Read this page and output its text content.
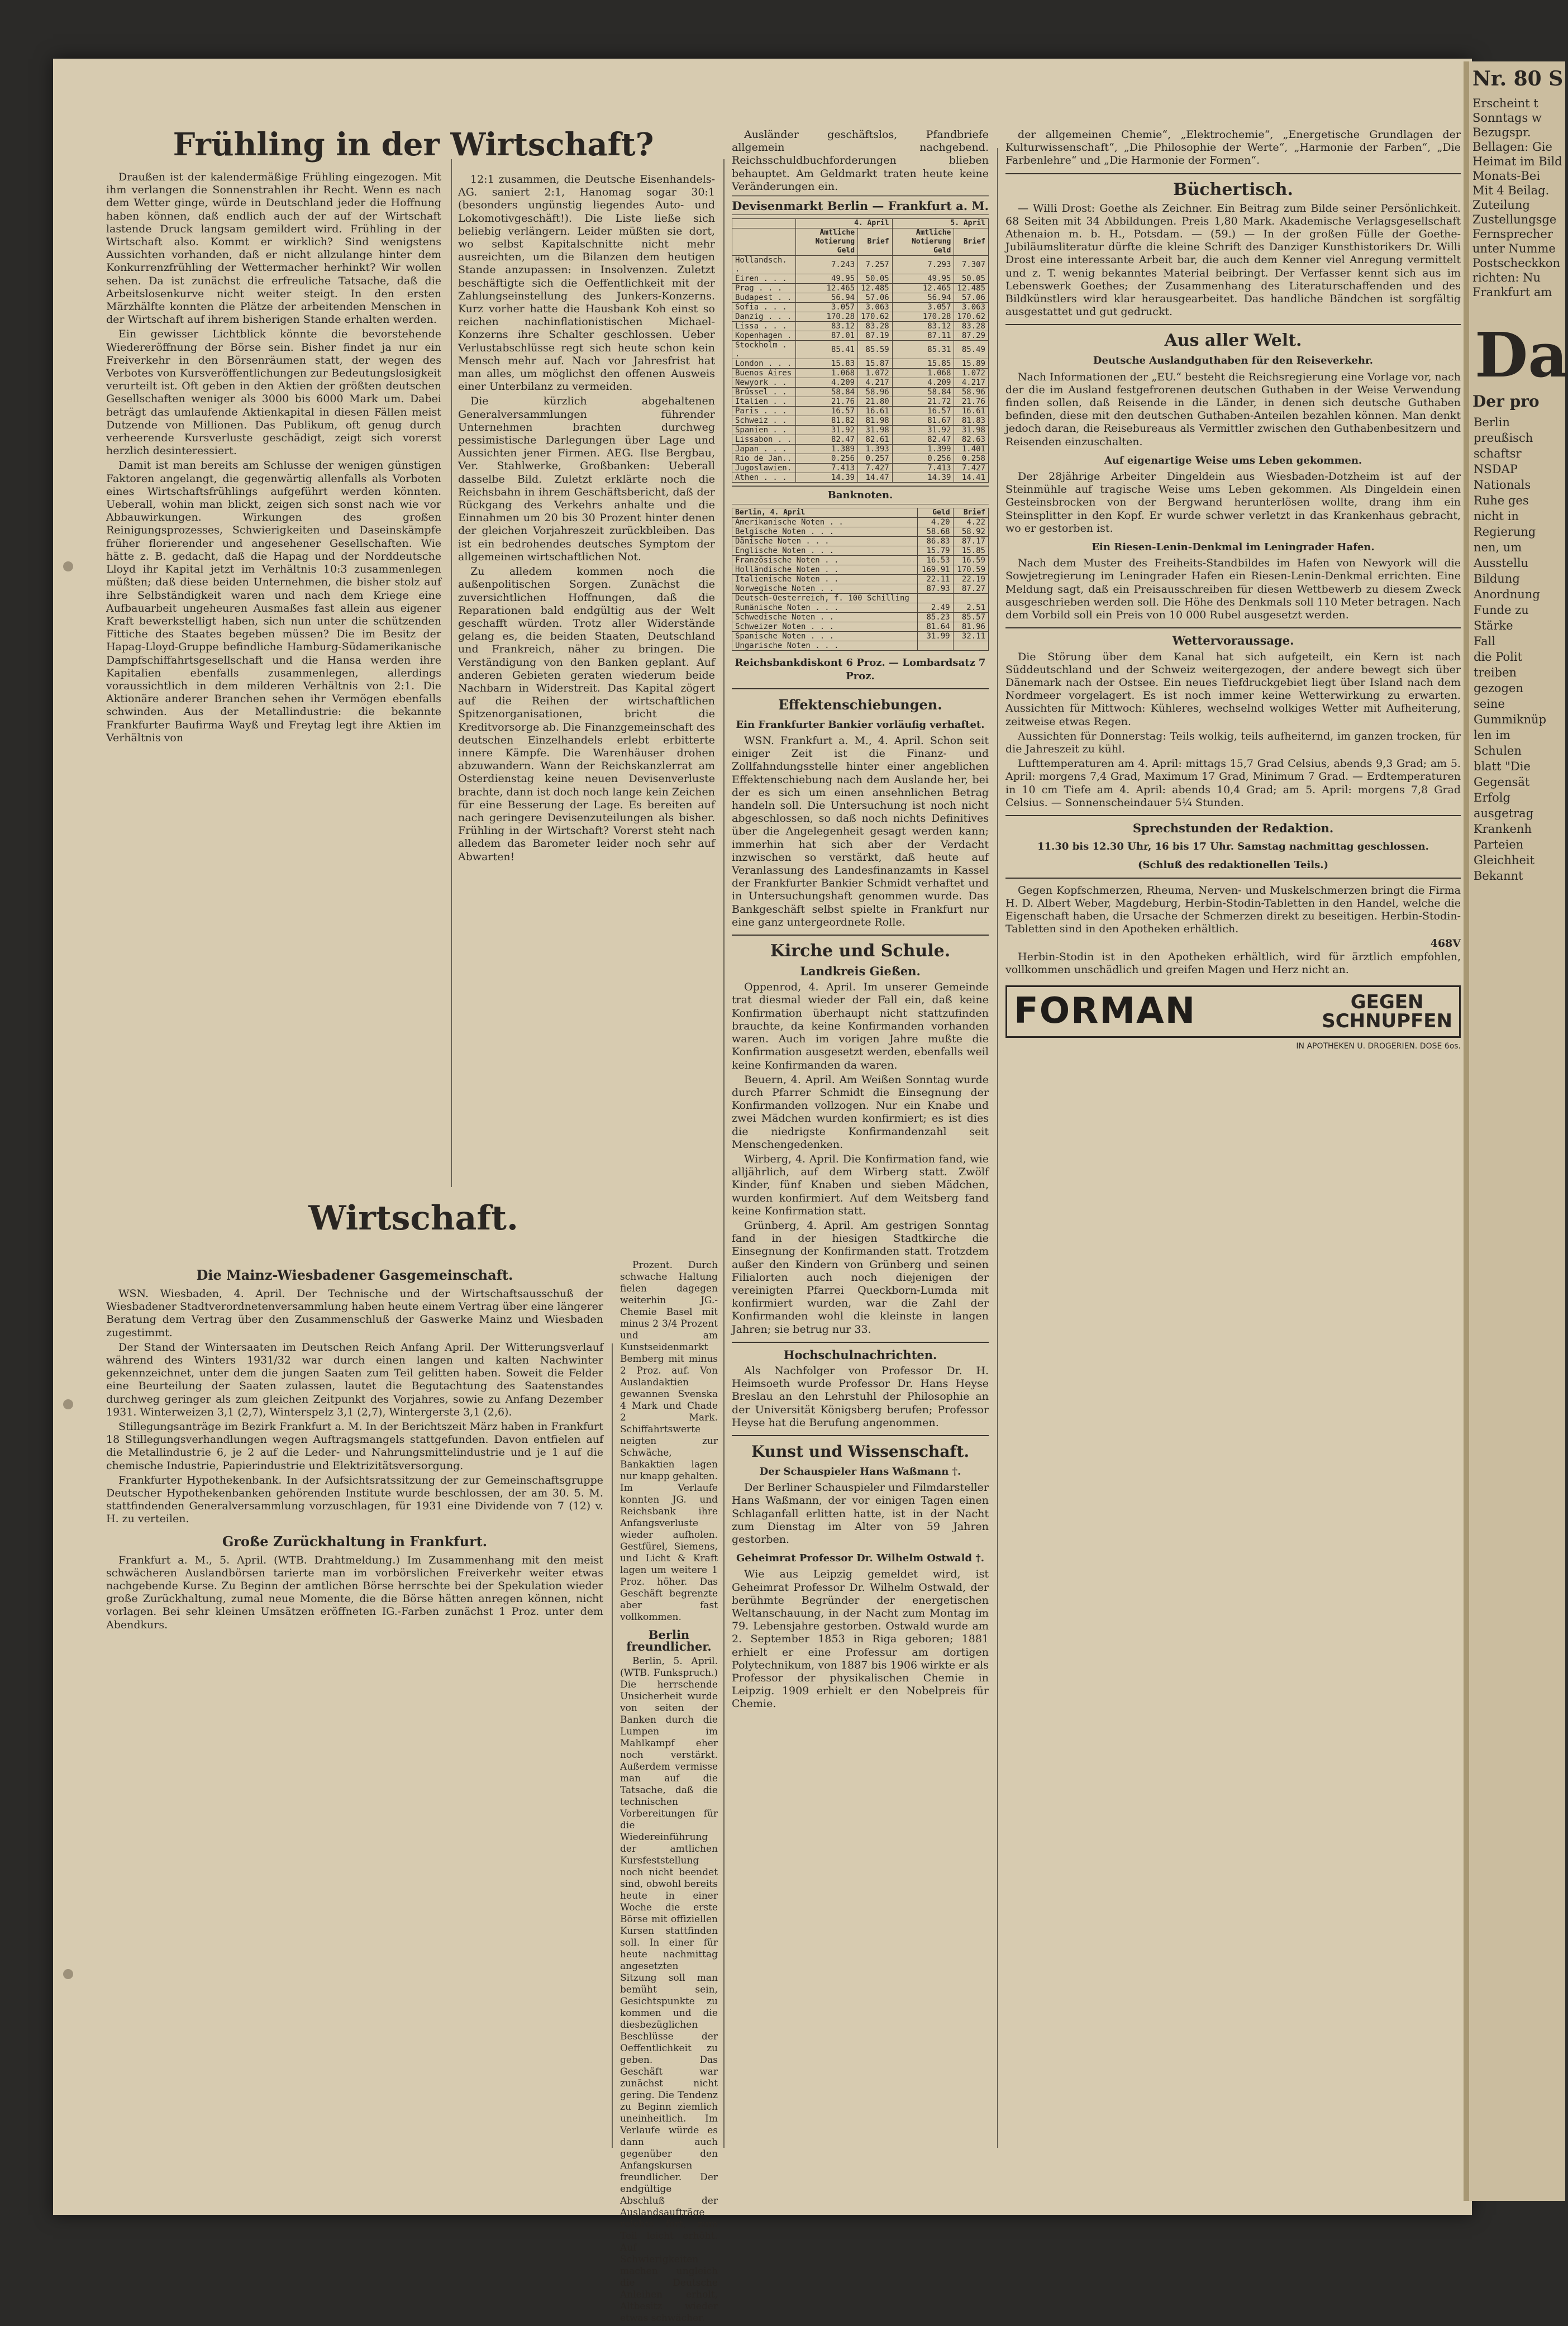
Frühling in der Wirtschaft?

Draußen ist der kalendermäßige Frühling eingezogen. Mit ihm verlangen die Sonnenstrahlen ihr Recht. Wenn es nach dem Wetter ginge, würde in Deutschland jeder die Hoffnung haben können, daß endlich auch der auf der Wirtschaft lastende Druck langsam gemildert wird. Frühling in der Wirtschaft also. Kommt er wirklich? Sind wenigstens Aussichten vorhanden, daß er nicht allzulange hinter dem Konkurrenzfrühling der Wettermacher herhinkt? Wir wollen sehen. Da ist zunächst die erfreuliche Tatsache, daß die Arbeitslosenkurve nicht weiter steigt. In den ersten Märzhälfte konnten die Plätze der arbeitenden Menschen in der Wirtschaft auf ihrem bisherigen Stande erhalten werden.

Ein gewisser Lichtblick könnte die bevorstehende Wiedereröffnung der Börse sein. Bisher findet ja nur ein Freiverkehr in den Börsenräumen statt, der wegen des Verbotes von Kursveröffentlichungen zur Bedeutungslosigkeit verurteilt ist. Oft geben in den Aktien der größten deutschen Gesellschaften weniger als 3000 bis 6000 Mark um. Dabei beträgt das umlaufende Aktienkapital in diesen Fällen meist Dutzende von Millionen. Das Publikum, oft genug durch verheerende Kursverluste geschädigt, zeigt sich vorerst herzlich desinteressiert.

Damit ist man bereits am Schlusse der wenigen günstigen Faktoren angelangt, die gegenwärtig allenfalls als Vorboten eines Wirtschaftsfrühlings aufgeführt werden könnten. Ueberall, wohin man blickt, zeigen sich sonst nach wie vor Abbauwirkungen. Wirkungen des großen Reinigungsprozesses, Schwierigkeiten und Daseinskämpfe früher florierender und angesehener Gesellschaften. Wie hätte z. B. gedacht, daß die Hapag und der Norddeutsche Lloyd ihr Kapital jetzt im Verhältnis 10:3 zusammenlegen müßten; daß diese beiden Unternehmen, die bisher stolz auf ihre Selbständigkeit waren und nach dem Kriege eine Aufbauarbeit ungeheuren Ausmaßes fast allein aus eigener Kraft bewerkstelligt haben, sich nun unter die schützenden Fittiche des Staates begeben müssen? Die im Besitz der Hapag-Lloyd-Gruppe befindliche Hamburg-Südamerikanische Dampfschiffahrtsgesellschaft und die Hansa werden ihre Kapitalien ebenfalls zusammenlegen, allerdings voraussichtlich in dem milderen Verhältnis von 2:1. Die Aktionäre anderer Branchen sehen ihr Vermögen ebenfalls schwinden. Aus der Metallindustrie: die bekannte Frankfurter Baufirma Wayß und Freytag legt ihre Aktien im Verhältnis von

12:1 zusammen, die Deutsche Eisenhandels-AG. saniert 2:1, Hanomag sogar 30:1 (besonders ungünstig liegendes Auto- und Lokomotivgeschäft!). Die Liste ließe sich beliebig verlängern. Leider müßten sie dort, wo selbst Kapitalschnitte nicht mehr ausreichten, um die Bilanzen dem heutigen Stande anzupassen: in Insolvenzen. Zuletzt beschäftigte sich die Oeffentlichkeit mit der Zahlungseinstellung des Junkers-Konzerns. Kurz vorher hatte die Hausbank Koh einst so reichen nachinflationistischen Michael-Konzerns ihre Schalter geschlossen. Ueber Verlustabschlüsse regt sich heute schon kein Mensch mehr auf. Nach vor Jahresfrist hat man alles, um möglichst den offenen Ausweis einer Unterbilanz zu vermeiden.

Die kürzlich abgehaltenen Generalversammlungen führender Unternehmen brachten durchweg pessimistische Darlegungen über Lage und Aussichten jener Firmen. AEG. Ilse Bergbau, Ver. Stahlwerke, Großbanken: Ueberall dasselbe Bild. Zuletzt erklärte noch die Reichsbahn in ihrem Geschäftsbericht, daß der Rückgang des Verkehrs anhalte und die Einnahmen um 20 bis 30 Prozent hinter denen der gleichen Vorjahreszeit zurückbleiben. Das ist ein bedrohendes deutsches Symptom der allgemeinen wirtschaftlichen Not.

Zu alledem kommen noch die außenpolitischen Sorgen. Zunächst die zuversichtlichen Hoffnungen, daß die Reparationen bald endgültig aus der Welt geschafft würden. Trotz aller Widerstände gelang es, die beiden Staaten, Deutschland und Frankreich, näher zu bringen. Die Verständigung von den Banken geplant. Auf anderen Gebieten geraten wiederum beide Nachbarn in Widerstreit. Das Kapital zögert auf die Reihen der wirtschaftlichen Spitzenorganisationen, bricht die Kreditvorsorge ab. Die Finanzgemeinschaft des deutschen Einzelhandels erlebt erbitterte innere Kämpfe. Die Warenhäuser drohen abzuwandern. Wann der Reichskanzlerrat am Osterdienstag keine neuen Devisenverluste brachte, dann ist doch noch lange kein Zeichen für eine Besserung der Lage. Es bereiten auf nach geringere Devisenzuteilungen als bisher. Frühling in der Wirtschaft? Vorerst steht nach alledem das Barometer leider noch sehr auf Abwarten!

Wirtschaft.
Die Mainz-Wiesbadener Gasgemeinschaft.

WSN. Wiesbaden, 4. April. Der Technische und der Wirtschaftsausschuß der Wiesbadener Stadtverordnetenversammlung haben heute einem Vertrag über eine längerer Beratung dem Vertrag über den Zusammenschluß der Gaswerke Mainz und Wiesbaden zugestimmt.

Der Stand der Wintersaaten im Deutschen Reich Anfang April. Der Witterungsverlauf während des Winters 1931/32 war durch einen langen und kalten Nachwinter gekennzeichnet, unter dem die jungen Saaten zum Teil gelitten haben. Soweit die Felder eine Beurteilung der Saaten zulassen, lautet die Begutachtung des Saatenstandes durchweg geringer als zum gleichen Zeitpunkt des Vorjahres, sowie zu Anfang Dezember 1931. Winterweizen 3,1 (2,7), Winterspelz 3,1 (2,7), Wintergerste 3,1 (2,6).

Stillegungsanträge im Bezirk Frankfurt a. M. In der Berichtszeit März haben in Frankfurt 18 Stillegungsverhandlungen wegen Auftragsmangels stattgefunden. Davon entfielen auf die Metallindustrie 6, je 2 auf die Leder- und Nahrungsmittelindustrie und je 1 auf die chemische Industrie, Papierindustrie und Elektrizitätsversorgung.

Frankfurter Hypothekenbank. In der Aufsichtsratssitzung der zur Gemeinschaftsgruppe Deutscher Hypothekenbanken gehörenden Institute wurde beschlossen, der am 30. 5. M. stattfindenden Generalversammlung vorzuschlagen, für 1931 eine Dividende von 7 (12) v. H. zu verteilen.

Große Zurückhaltung in Frankfurt.

Frankfurt a. M., 5. April. (WTB. Drahtmeldung.) Im Zusammenhang mit den meist schwächeren Auslandbörsen tarierte man im vorbörslichen Freiverkehr weiter etwas nachgebende Kurse. Zu Beginn der amtlichen Börse herrschte bei der Spekulation wieder große Zurückhaltung, zumal neue Momente, die die Börse hätten anregen können, nicht vorlagen. Bei sehr kleinen Umsätzen eröffneten IG.-Farben zunächst 1 Proz. unter dem Abendkurs.

Prozent. Durch schwache Haltung fielen dagegen weiterhin JG.-Chemie Basel mit minus 2 3/4 Prozent und am Kunstseidenmarkt Bemberg mit minus 2 Proz. auf. Von Auslandaktien gewannen Svenska 4 Mark und Chade 2 Mark. Schiffahrtswerte neigten zur Schwäche, Bankaktien lagen nur knapp gehalten. Im Verlaufe konnten JG. und Reichsbank ihre Anfangsverluste wieder aufholen. Gestfürel, Siemens, und Licht & Kraft lagen um weitere 1 Proz. höher. Das Geschäft begrenzte aber fast vollkommen.

Berlin freundlicher.

Berlin, 5. April. (WTB. Funkspruch.) Die herrschende Unsicherheit wurde von seiten der Banken durch die Lumpen im Mahlkampf eher noch verstärkt. Außerdem vermisse man auf die Tatsache, daß die technischen Vorbereitungen für die Wiedereinführung der amtlichen Kursfeststellung noch nicht beendet sind, obwohl bereits heute in einer Woche die erste Börse mit offiziellen Kursen stattfinden soll. In einer für heute nachmittag angesetzten Sitzung soll man bemüht sein, Gesichtspunkte zu kommen und die diesbezüglichen Beschlüsse der Oeffentlichkeit zu geben. Das Geschäft war zunächst nicht gering. Die Tendenz zu Beginn ziemlich uneinheitlich. Im Verlaufe würde es dann auch gegenüber den Anfangskursen freundlicher. Der endgültige Abschluß der Auslandsaufträge reichte fort, zum Teil leicht erhöht. Auf Schwierigkeiten machen ungleich die Deutsche Anleihen erholt, Altbesitz wieder etwas schwächer.

Ausländer geschäftslos, Pfandbriefe allgemein nachgebend. Reichsschuldbuchforderungen blieben behauptet. Am Geldmarkt traten heute keine Veränderungen ein.

Devisenmarkt Berlin — Frankfurt a. M.
	4. April		5. April	
	Amtliche Notierung Geld	Brief	Amtliche Notierung Geld	Brief
Hollandsch. .	7.243	7.257	7.293	7.307
Eiren . . .	49.95	50.05	49.95	50.05
Prag . . .	12.465	12.485	12.465	12.485
Budapest . .	56.94	57.06	56.94	57.06
Sofia . . .	3.057	3.063	3.057	3.063
Danzig . . .	170.28	170.62	170.28	170.62
Lissa . . .	83.12	83.28	83.12	83.28
Kopenhagen .	87.01	87.19	87.11	87.29
Stockholm . .	85.41	85.59	85.31	85.49
London . . .	15.83	15.87	15.85	15.89
Buenos Aires	1.068	1.072	1.068	1.072
Newyork . .	4.209	4.217	4.209	4.217
Brüssel . .	58.84	58.96	58.84	58.96
Italien . .	21.76	21.80	21.72	21.76
Paris . . .	16.57	16.61	16.57	16.61
Schweiz . .	81.82	81.98	81.67	81.83
Spanien . .	31.92	31.98	31.92	31.98
Lissabon . .	82.47	82.61	82.47	82.63
Japan . . .	1.389	1.393	1.399	1.401
Rio de Jan..	0.256	0.257	0.256	0.258
Jugoslawien.	7.413	7.427	7.413	7.427
Athen . . .	14.39	14.47	14.39	14.41
Banknoten.
Berlin, 4. April	Geld	Brief
Amerikanische Noten . .	4.20	4.22
Belgische Noten . . .	58.68	58.92
Dänische Noten . . .	86.83	87.17
Englische Noten . . .	15.79	15.85
Französische Noten . .	16.53	16.59
Holländische Noten . .	169.91	170.59
Italienische Noten . .	22.11	22.19
Norwegische Noten . .	87.93	87.27
Deutsch-Oesterreich, f. 100 Schilling		
Rumänische Noten . . .	2.49	2.51
Schwedische Noten . .	85.23	85.57
Schweizer Noten . . .	81.64	81.96
Spanische Noten . . .	31.99	32.11
Ungarische Noten . . .		
Reichsbankdiskont 6 Proz. — Lombardsatz 7 Proz.
Effektenschiebungen.
Ein Frankfurter Bankier vorläufig verhaftet.

WSN. Frankfurt a. M., 4. April. Schon seit einiger Zeit ist die Finanz- und Zollfahndungsstelle hinter einer angeblichen Effektenschiebung nach dem Auslande her, bei der es sich um einen ansehnlichen Betrag handeln soll. Die Untersuchung ist noch nicht abgeschlossen, so daß noch nichts Definitives über die Angelegenheit gesagt werden kann; immerhin hat sich aber der Verdacht inzwischen so verstärkt, daß heute auf Veranlassung des Landesfinanzamts in Kassel der Frankfurter Bankier Schmidt verhaftet und in Untersuchungshaft genommen wurde. Das Bankgeschäft selbst spielte in Frankfurt nur eine ganz untergeordnete Rolle.

Kirche und Schule.
Landkreis Gießen.

Oppenrod, 4. April. Im unserer Gemeinde trat diesmal wieder der Fall ein, daß keine Konfirmation überhaupt nicht stattzufinden brauchte, da keine Konfirmanden vorhanden waren. Auch im vorigen Jahre mußte die Konfirmation ausgesetzt werden, ebenfalls weil keine Konfirmanden da waren.

Beuern, 4. April. Am Weißen Sonntag wurde durch Pfarrer Schmidt die Einsegnung der Konfirmanden vollzogen. Nur ein Knabe und zwei Mädchen wurden konfirmiert; es ist dies die niedrigste Konfirmandenzahl seit Menschengedenken.

Wirberg, 4. April. Die Konfirmation fand, wie alljährlich, auf dem Wirberg statt. Zwölf Kinder, fünf Knaben und sieben Mädchen, wurden konfirmiert. Auf dem Weitsberg fand keine Konfirmation statt.

Grünberg, 4. April. Am gestrigen Sonntag fand in der hiesigen Stadtkirche die Einsegnung der Konfirmanden statt. Trotzdem außer den Kindern von Grünberg und seinen Filialorten auch noch diejenigen der vereinigten Pfarrei Queckborn-Lumda mit konfirmiert wurden, war die Zahl der Konfirmanden wohl die kleinste in langen Jahren; sie betrug nur 33.

Hochschulnachrichten.

Als Nachfolger von Professor Dr. H. Heimsoeth wurde Professor Dr. Hans Heyse Breslau an den Lehrstuhl der Philosophie an der Universität Königsberg berufen; Professor Heyse hat die Berufung angenommen.

Kunst und Wissenschaft.
Der Schauspieler Hans Waßmann †.

Der Berliner Schauspieler und Filmdarsteller Hans Waßmann, der vor einigen Tagen einen Schlaganfall erlitten hatte, ist in der Nacht zum Dienstag im Alter von 59 Jahren gestorben.

Geheimrat Professor Dr. Wilhelm Ostwald †.

Wie aus Leipzig gemeldet wird, ist Geheimrat Professor Dr. Wilhelm Ostwald, der berühmte Begründer der energetischen Weltanschauung, in der Nacht zum Montag im 79. Lebensjahre gestorben. Ostwald wurde am 2. September 1853 in Riga geboren; 1881 erhielt er eine Professur am dortigen Polytechnikum, von 1887 bis 1906 wirkte er als Professor der physikalischen Chemie in Leipzig. 1909 erhielt er den Nobelpreis für Chemie.

der allgemeinen Chemie“, „Elektrochemie“, „Energetische Grundlagen der Kulturwissenschaft“, „Die Philosophie der Werte“, „Harmonie der Farben“, „Die Farbenlehre“ und „Die Harmonie der Formen“.

Büchertisch.

— Willi Drost: Goethe als Zeichner. Ein Beitrag zum Bilde seiner Persönlichkeit. 68 Seiten mit 34 Abbildungen. Preis 1,80 Mark. Akademische Verlagsgesellschaft Athenaion m. b. H., Potsdam. — (59.) — In der großen Fülle der Goethe-Jubiläumsliteratur dürfte die kleine Schrift des Danziger Kunsthistorikers Dr. Willi Drost eine interessante Arbeit bar, die auch dem Kenner viel Anregung vermittelt und z. T. wenig bekanntes Material beibringt. Der Verfasser kennt sich aus im Lebenswerk Goethes; der Zusammenhang des Literaturschaffenden und des Bildkünstlers wird klar herausgearbeitet. Das handliche Bändchen ist sorgfältig ausgestattet und gut gedruckt.

Aus aller Welt.
Deutsche Auslandguthaben für den Reiseverkehr.

Nach Informationen der „EU.“ besteht die Reichsregierung eine Vorlage vor, nach der die im Ausland festgefrorenen deutschen Guthaben in der Weise Verwendung finden sollen, daß Reisende in die Länder, in denen sich deutsche Guthaben befinden, diese mit den deutschen Guthaben-Anteilen bezahlen können. Man denkt jedoch daran, die Reisebureaus als Vermittler zwischen den Guthabenbesitzern und Reisenden einzuschalten.

Auf eigenartige Weise ums Leben gekommen.

Der 28jährige Arbeiter Dingeldein aus Wiesbaden-Dotzheim ist auf der Steinmühle auf tragische Weise ums Leben gekommen. Als Dingeldein einen Gesteinsbrocken von der Bergwand herunterlösen wollte, drang ihm ein Steinsplitter in den Kopf. Er wurde schwer verletzt in das Krankenhaus gebracht, wo er gestorben ist.

Ein Riesen-Lenin-Denkmal im Leningrader Hafen.

Nach dem Muster des Freiheits-Standbildes im Hafen von Newyork will die Sowjetregierung im Leningrader Hafen ein Riesen-Lenin-Denkmal errichten. Eine Meldung sagt, daß ein Preisausschreiben für diesen Wettbewerb zu diesem Zweck ausgeschrieben werden soll. Die Höhe des Denkmals soll 110 Meter betragen. Nach dem Vorbild soll ein Preis von 10 000 Rubel ausgesetzt werden.

Wettervoraussage.

Die Störung über dem Kanal hat sich aufgeteilt, ein Kern ist nach Süddeutschland und der Schweiz weitergezogen, der andere bewegt sich über Dänemark nach der Ostsee. Ein neues Tiefdruckgebiet liegt über Island nach dem Nordmeer vorgelagert. Es ist noch immer keine Wetterwirkung zu erwarten. Aussichten für Mittwoch: Kühleres, wechselnd wolkiges Wetter mit Aufheiterung, zeitweise etwas Regen.

Aussichten für Donnerstag: Teils wolkig, teils aufheiternd, im ganzen trocken, für die Jahreszeit zu kühl.

Lufttemperaturen am 4. April: mittags 15,7 Grad Celsius, abends 9,3 Grad; am 5. April: morgens 7,4 Grad, Maximum 17 Grad, Minimum 7 Grad. — Erdtemperaturen in 10 cm Tiefe am 4. April: abends 10,4 Grad; am 5. April: morgens 7,8 Grad Celsius. — Sonnenscheindauer 5¼ Stunden.

Sprechstunden der Redaktion.
11.30 bis 12.30 Uhr, 16 bis 17 Uhr. Samstag nachmittag geschlossen.
(Schluß des redaktionellen Teils.)

Gegen Kopfschmerzen, Rheuma, Nerven- und Muskelschmerzen bringt die Firma H. D. Albert Weber, Magdeburg, Herbin-Stodin-Tabletten in den Handel, welche die Eigenschaft haben, die Ursache der Schmerzen direkt zu beseitigen. Herbin-Stodin-Tabletten sind in den Apotheken erhältlich.

468V

Herbin-Stodin ist in den Apotheken erhältlich, wird für ärztlich empfohlen, vollkommen unschädlich und greifen Magen und Herz nicht an.

FORMAN	GEGEN
SCHNUPFEN
IN APOTHEKEN U. DROGERIEN. DOSE 6os.
Nr. 80 S
Erscheint t
Sonntags w
Bezugspr.
Bellagen: Gie
Heimat im Bild
Monats-Bei
Mit 4 Beilag.
Zuteilung
Zustellungsge
Fernsprecher
unter Numme
Postscheckkon
richten: Nu
Frankfurt am
Da
Der pro
Berlin
preußisch
schaftsr
NSDAP
Nationals
Ruhe ges
nicht in
Regierung
nen, um
Ausstellu
Bildung
Anordnung
Funde zu
Stärke
Fall
die Polit
treiben
gezogen
seine
Gummiknüp
len im
Schulen
blatt "Die
Gegensät
Erfolg
ausgetrag
Krankenh
Parteien
Gleichheit
Bekannt
